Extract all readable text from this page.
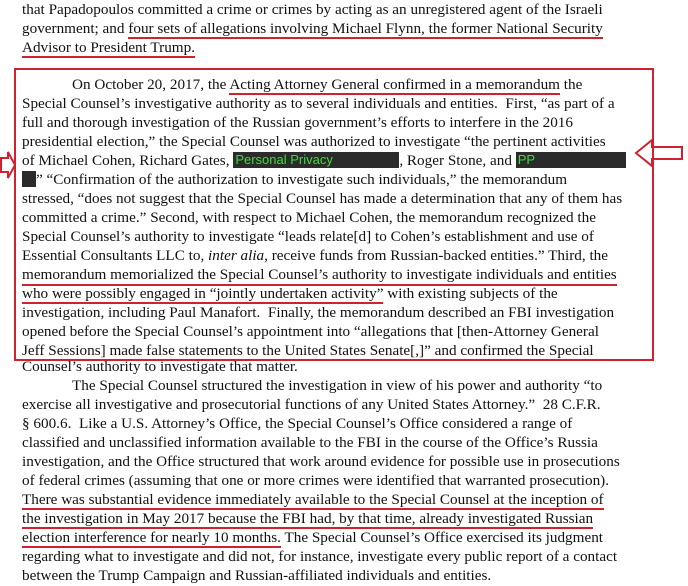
that Papadopoulos committed a crime or crimes by acting as an unregistered agent of the Israeli
government; and four sets of allegations involving Michael Flynn, the former National Security
Advisor to President Trump.
On October 20, 2017, the Acting Attorney General confirmed in a memorandum the
Special Counsel’s investigative authority as to several individuals and entities.  First, “as part of a
full and thorough investigation of the Russian government’s efforts to interfere in the 2016
presidential election,” the Special Counsel was authorized to investigate “the pertinent activities
of Michael Cohen, Richard Gates, Personal Privacy	, Roger Stone, and PP
” “Confirmation of the authorization to investigate such individuals,” the memorandum
stressed, “does not suggest that the Special Counsel has made a determination that any of them has
committed a crime.” Second, with respect to Michael Cohen, the memorandum recognized the
Special Counsel’s authority to investigate “leads relate[d] to Cohen’s establishment and use of
Essential Consultants LLC to, inter alia, receive funds from Russian-backed entities.” Third, the
memorandum memorialized the Special Counsel’s authority to investigate individuals and entities
who were possibly engaged in “jointly undertaken activity” with existing subjects of the
investigation, including Paul Manafort.  Finally, the memorandum described an FBI investigation
opened before the Special Counsel’s appointment into “allegations that [then-Attorney General
Jeff Sessions] made false statements to the United States Senate[,]” and confirmed the Special
Counsel’s authority to investigate that matter.
The Special Counsel structured the investigation in view of his power and authority “to
exercise all investigative and prosecutorial functions of any United States Attorney.”  28 C.F.R.
§ 600.6.  Like a U.S. Attorney’s Office, the Special Counsel’s Office considered a range of
classified and unclassified information available to the FBI in the course of the Office’s Russia
investigation, and the Office structured that work around evidence for possible use in prosecutions
of federal crimes (assuming that one or more crimes were identified that warranted prosecution).
There was substantial evidence immediately available to the Special Counsel at the inception of
the investigation in May 2017 because the FBI had, by that time, already investigated Russian
election interference for nearly 10 months. The Special Counsel’s Office exercised its judgment
regarding what to investigate and did not, for instance, investigate every public report of a contact
between the Trump Campaign and Russian-affiliated individuals and entities.
